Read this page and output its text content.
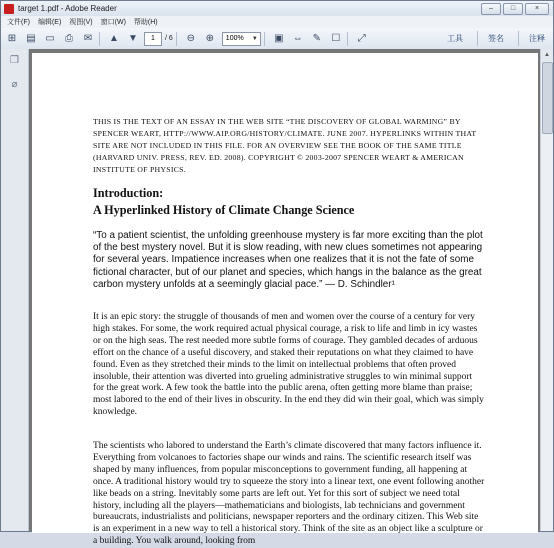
target 1.pdf - Adobe Reader	–	□	×
文件(F) 编辑(E) 视图(V) 窗口(W) 帮助(H)
⊞	▤ ▭	⎙	✉	▲ ▼	1	/ 6	⊖	⊕	100% ▼	▣ ⇔ ✎	☐	⤢	工具	签名	注释
❐
⌀
THIS IS THE TEXT OF AN ESSAY IN THE WEB SITE “THE DISCOVERY OF GLOBAL WARMING” BY SPENCER WEART, HTTP://WWW.AIP.ORG/HISTORY/CLIMATE. JUNE 2007. HYPERLINKS WITHIN THAT SITE ARE NOT INCLUDED IN THIS FILE. FOR AN OVERVIEW SEE THE BOOK OF THE SAME TITLE (HARVARD UNIV. PRESS, REV. ED. 2008). COPYRIGHT © 2003-2007 SPENCER WEART & AMERICAN INSTITUTE OF PHYSICS.
Introduction:
A Hyperlinked History of Climate Change Science
“To a patient scientist, the unfolding greenhouse mystery is far more exciting than the plot of the best mystery novel. But it is slow reading, with new clues sometimes not appearing for several years. Impatience increases when one realizes that it is not the fate of some fictional character, but of our planet and species, which hangs in the balance as the great carbon mystery unfolds at a seemingly glacial pace.” — D. Schindler¹
It is an epic story: the struggle of thousands of men and women over the course of a century for very high stakes. For some, the work required actual physical courage, a risk to life and limb in icy wastes or on the high seas. The rest needed more subtle forms of courage. They gambled decades of arduous effort on the chance of a useful discovery, and staked their reputations on what they claimed to have found. Even as they stretched their minds to the limit on intellectual problems that often proved insoluble, their attention was diverted into grueling administrative struggles to win minimal support for the great work. A few took the battle into the public arena, often getting more blame than praise; most labored to the end of their lives in obscurity. In the end they did win their goal, which was simply knowledge.
The scientists who labored to understand the Earth’s climate discovered that many factors influence it. Everything from volcanoes to factories shape our winds and rains. The scientific research itself was shaped by many influences, from popular misconceptions to government funding, all happening at once. A traditional history would try to squeeze the story into a linear text, one event following another like beads on a string. Inevitably some parts are left out. Yet for this sort of subject we need total history, including all the players—mathematicians and biologists, lab technicians and government bureaucrats, industrialists and politicians, newspaper reporters and the ordinary citizen. This Web site is an experiment in a new way to tell a historical story. Think of the site as an object like a sculpture or a building. You walk around, looking from
▲
